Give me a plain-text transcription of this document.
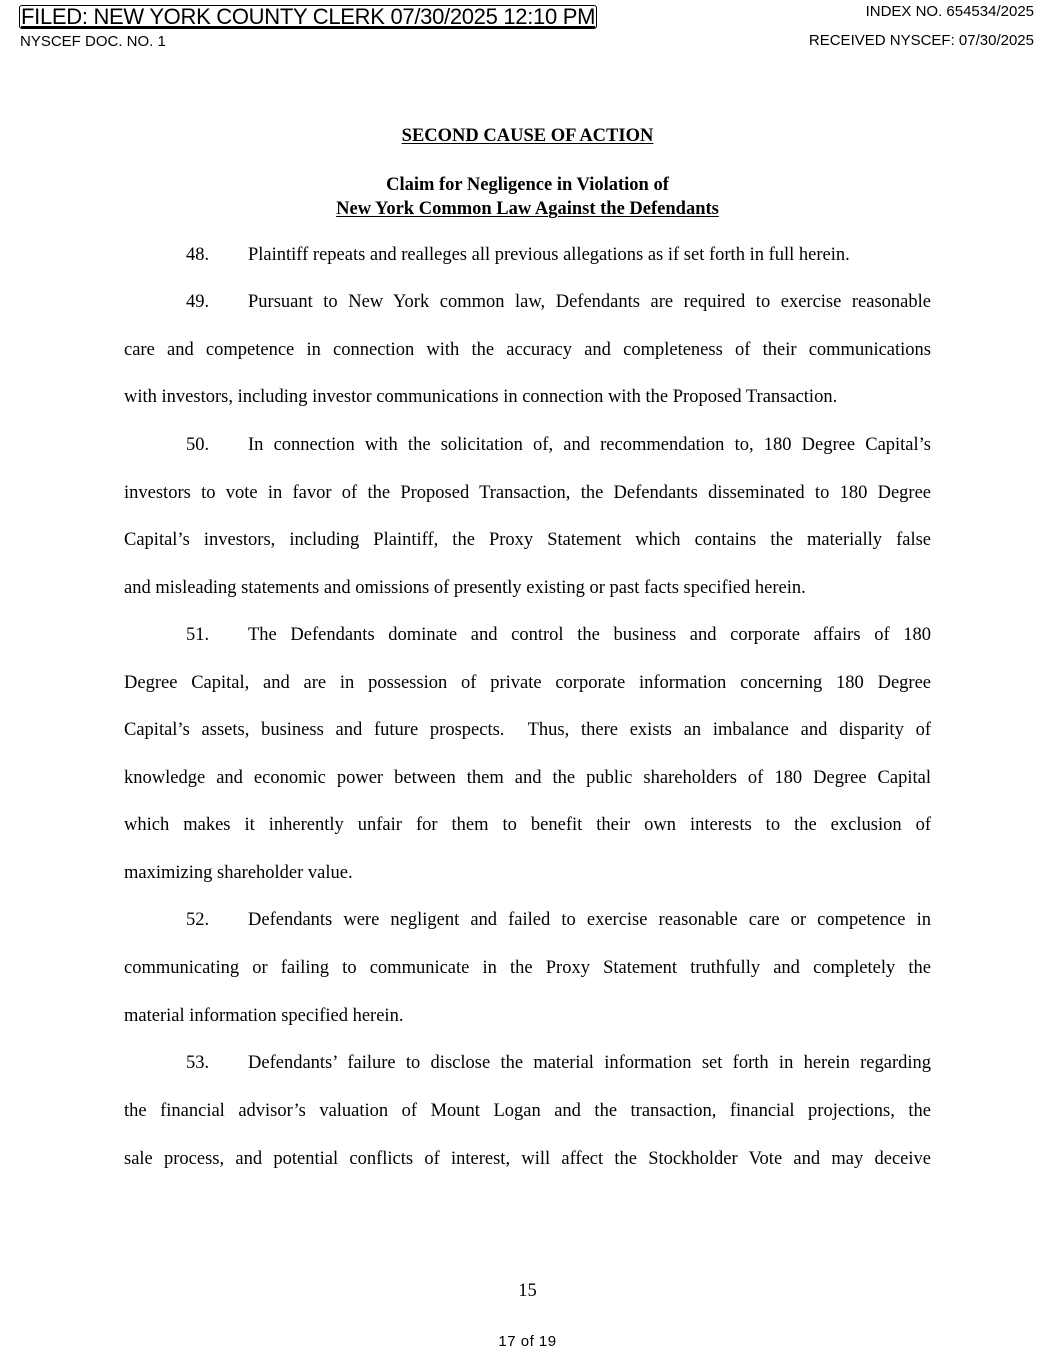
FILED: NEW YORK COUNTY CLERK 07/30/2025 12:10 PM	INDEX NO. 654534/2025
NYSCEF DOC. NO. 1	RECEIVED NYSCEF: 07/30/2025
SECOND CAUSE OF ACTION
Claim for Negligence in Violation of
New York Common Law Against the Defendants
48. Plaintiff repeats and realleges all previous allegations as if set forth in full herein.
49. Pursuant to New York common law, Defendants are required to exercise reasonable
care and competence in connection with the accuracy and completeness of their communications
with investors, including investor communications in connection with the Proposed Transaction.
50. In connection with the solicitation of, and recommendation to, 180 Degree Capital’s
investors to vote in favor of the Proposed Transaction, the Defendants disseminated to 180 Degree
Capital’s investors, including Plaintiff, the Proxy Statement which contains the materially false
and misleading statements and omissions of presently existing or past facts specified herein.
51. The Defendants dominate and control the business and corporate affairs of 180
Degree Capital, and are in possession of private corporate information concerning 180 Degree
Capital’s assets, business and future prospects.  Thus, there exists an imbalance and disparity of
knowledge and economic power between them and the public shareholders of 180 Degree Capital
which makes it inherently unfair for them to benefit their own interests to the exclusion of
maximizing shareholder value.
52. Defendants were negligent and failed to exercise reasonable care or competence in
communicating or failing to communicate in the Proxy Statement truthfully and completely the
material information specified herein.
53. Defendants’ failure to disclose the material information set forth in herein regarding
the financial advisor’s valuation of Mount Logan and the transaction, financial projections, the
sale process, and potential conflicts of interest, will affect the Stockholder Vote and may deceive
15
17 of 19
